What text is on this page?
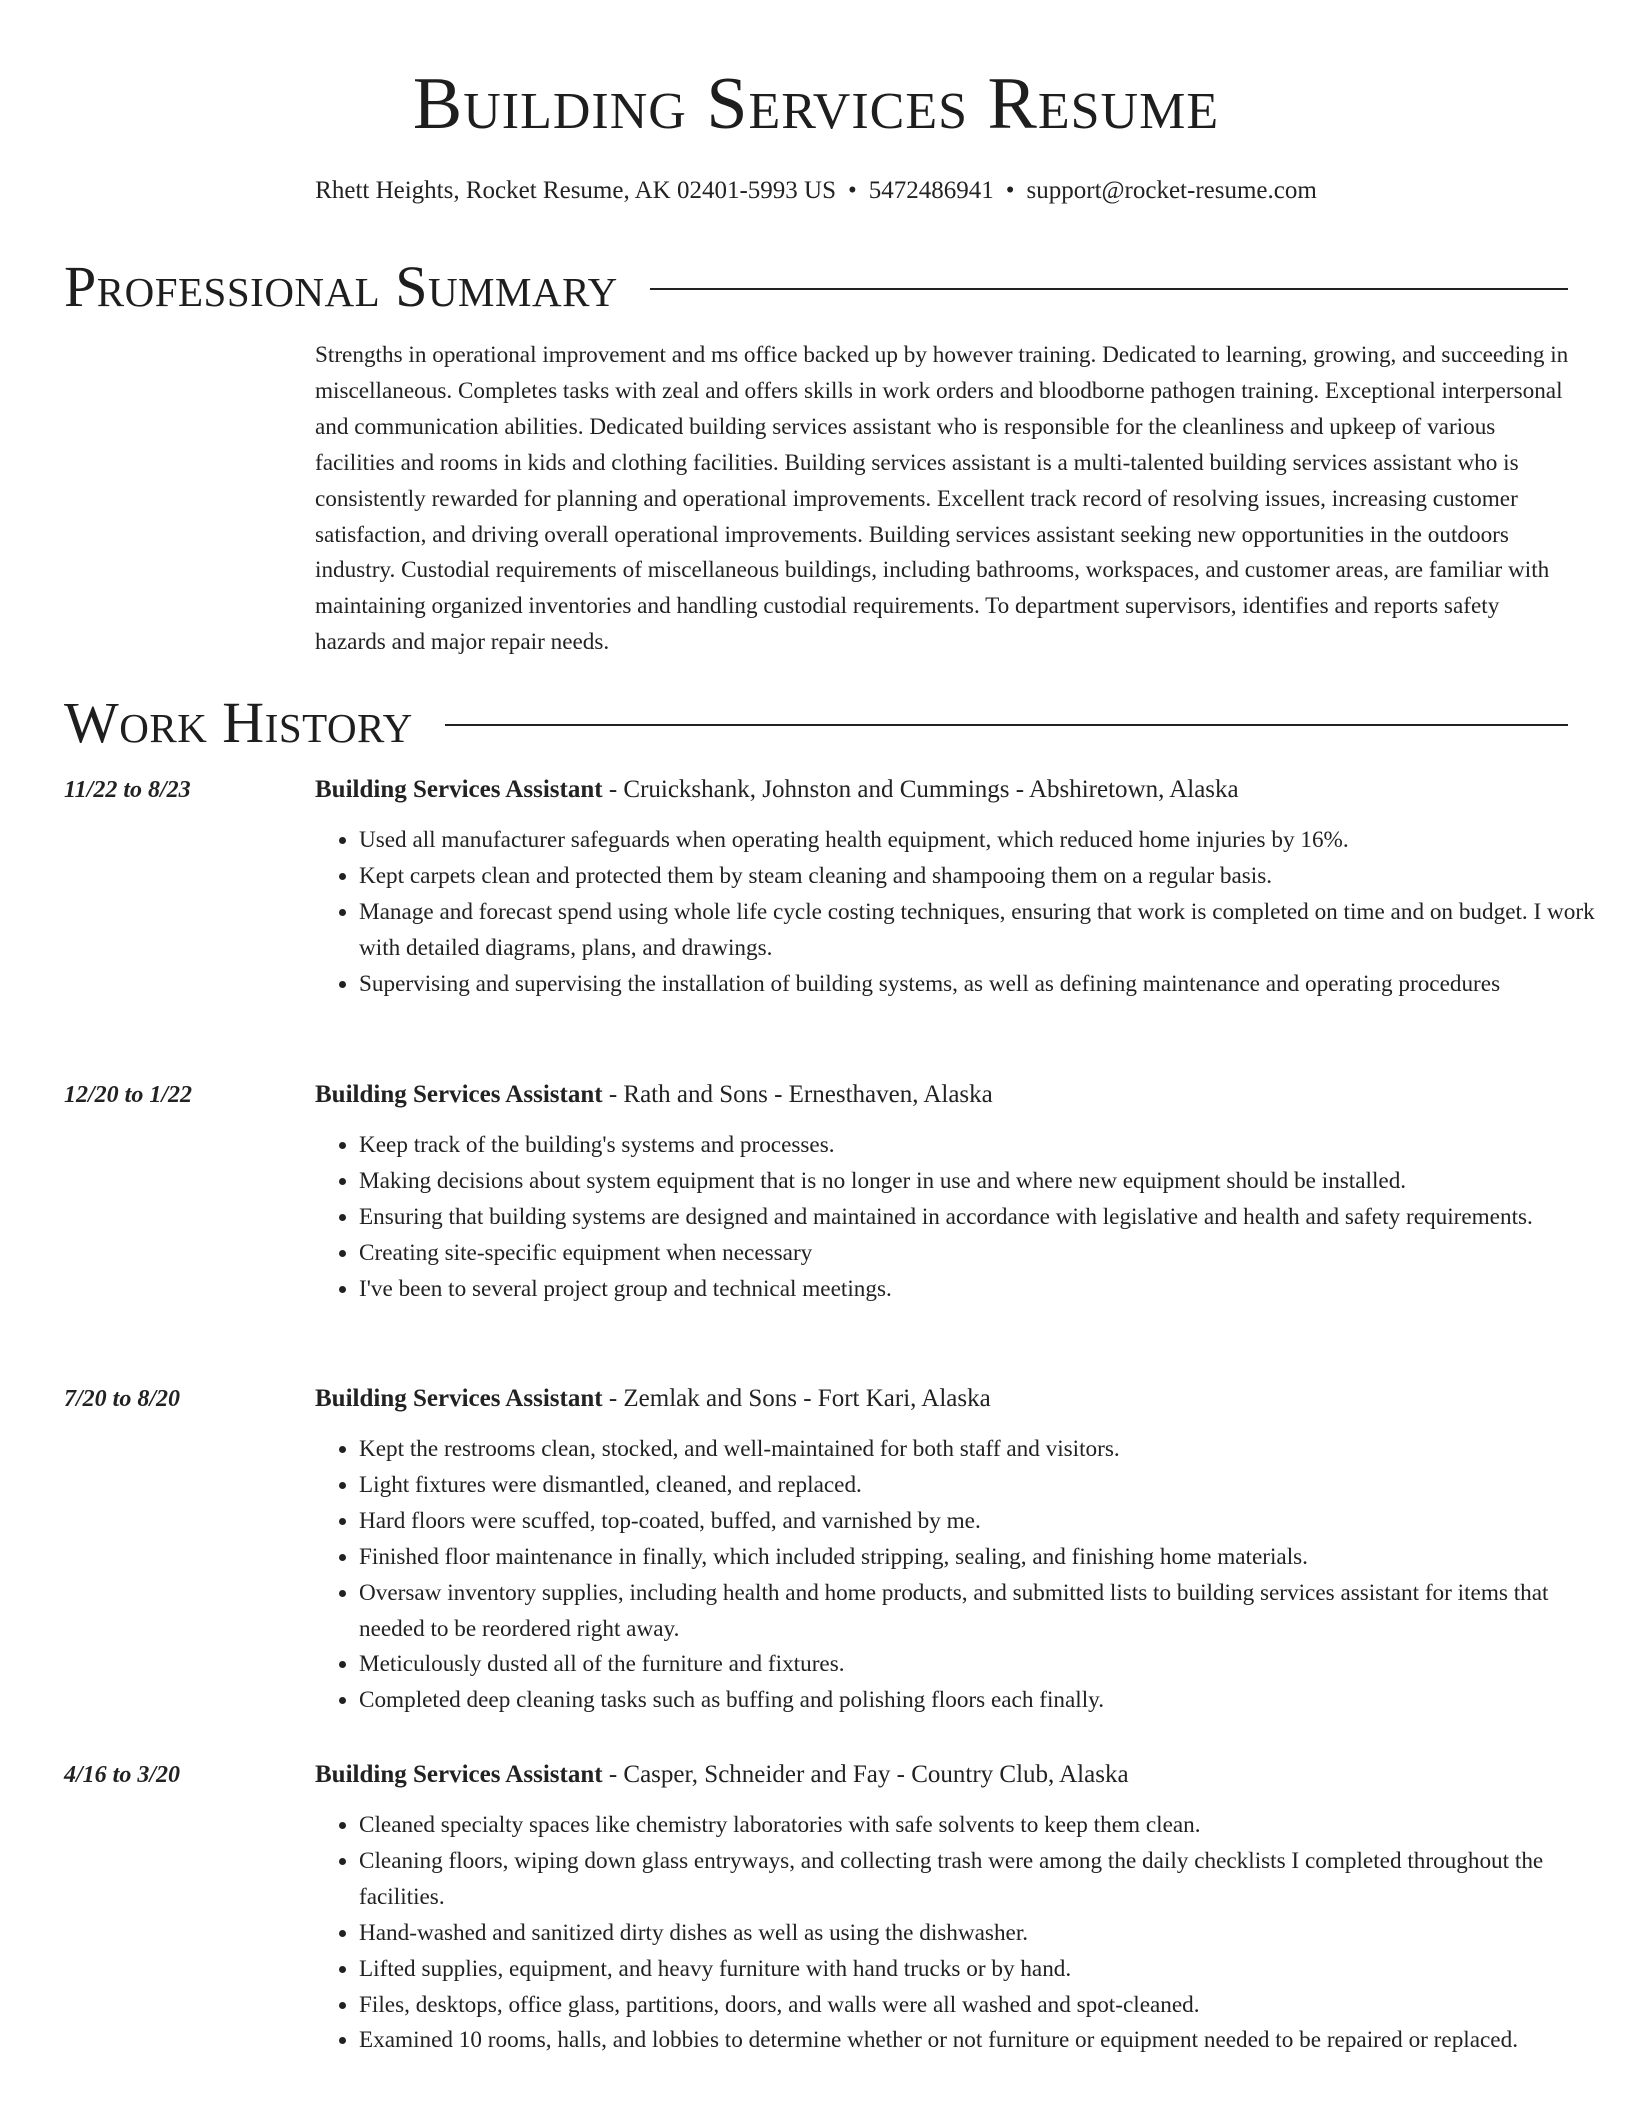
Building Services Resume
Rhett Heights, Rocket Resume, AK 02401-5993 US • 5472486941 • support@rocket-resume.com
Professional Summary

Strengths in operational improvement and ms office backed up by however training. Dedicated to learning, growing, and succeeding in miscellaneous. Completes tasks with zeal and offers skills in work orders and bloodborne pathogen training. Exceptional interpersonal and communication abilities. Dedicated building services assistant who is responsible for the cleanliness and upkeep of various facilities and rooms in kids and clothing facilities. Building services assistant is a multi-talented building services assistant who is consistently rewarded for planning and operational improvements. Excellent track record of resolving issues, increasing customer satisfaction, and driving overall operational improvements. Building services assistant seeking new opportunities in the outdoors industry. Custodial requirements of miscellaneous buildings, including bathrooms, workspaces, and customer areas, are familiar with maintaining organized inventories and handling custodial requirements. To department supervisors, identifies and reports safety hazards and major repair needs.

Work History
11/22 to 8/23	Building Services Assistant - Cruickshank, Johnston and Cummings - Abshiretown, Alaska
• Used all manufacturer safeguards when operating health equipment, which reduced home injuries by 16%.
• Kept carpets clean and protected them by steam cleaning and shampooing them on a regular basis.
• Manage and forecast spend using whole life cycle costing techniques, ensuring that work is completed on time and on budget. I work with detailed diagrams, plans, and drawings.
• Supervising and supervising the installation of building systems, as well as defining maintenance and operating procedures
12/20 to 1/22	Building Services Assistant - Rath and Sons - Ernesthaven, Alaska
• Keep track of the building's systems and processes.
• Making decisions about system equipment that is no longer in use and where new equipment should be installed.
• Ensuring that building systems are designed and maintained in accordance with legislative and health and safety requirements.
• Creating site-specific equipment when necessary
• I've been to several project group and technical meetings.
7/20 to 8/20	Building Services Assistant - Zemlak and Sons - Fort Kari, Alaska
• Kept the restrooms clean, stocked, and well-maintained for both staff and visitors.
• Light fixtures were dismantled, cleaned, and replaced.
• Hard floors were scuffed, top-coated, buffed, and varnished by me.
• Finished floor maintenance in finally, which included stripping, sealing, and finishing home materials.
• Oversaw inventory supplies, including health and home products, and submitted lists to building services assistant for items that needed to be reordered right away.
• Meticulously dusted all of the furniture and fixtures.
• Completed deep cleaning tasks such as buffing and polishing floors each finally.
4/16 to 3/20	Building Services Assistant - Casper, Schneider and Fay - Country Club, Alaska
• Cleaned specialty spaces like chemistry laboratories with safe solvents to keep them clean.
• Cleaning floors, wiping down glass entryways, and collecting trash were among the daily checklists I completed throughout the facilities.
• Hand-washed and sanitized dirty dishes as well as using the dishwasher.
• Lifted supplies, equipment, and heavy furniture with hand trucks or by hand.
• Files, desktops, office glass, partitions, doors, and walls were all washed and spot-cleaned.
• Examined 10 rooms, halls, and lobbies to determine whether or not furniture or equipment needed to be repaired or replaced.
